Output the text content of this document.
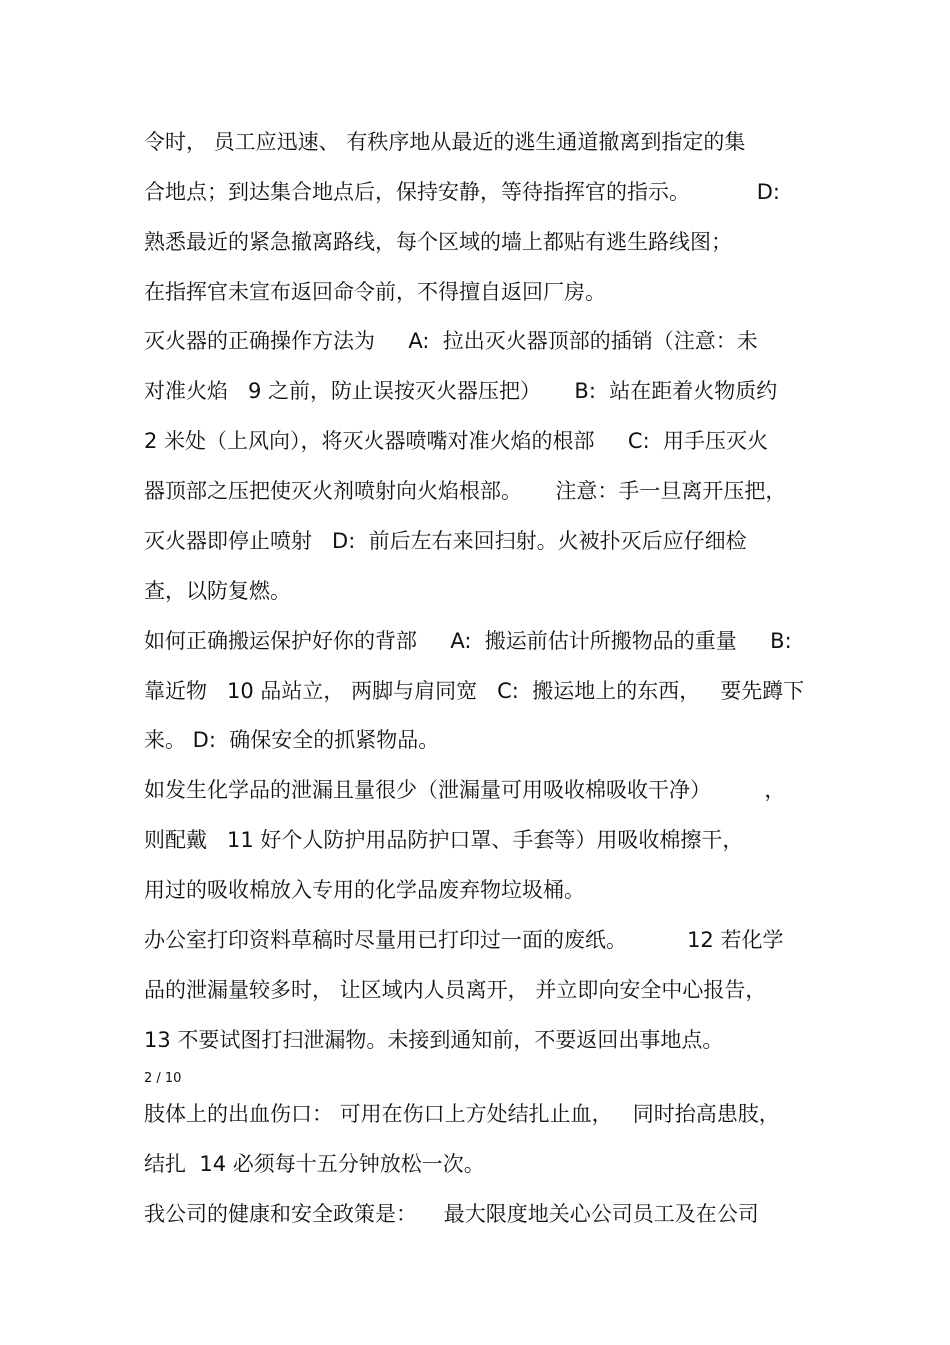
令时， 员工应迅速、 有秩序地从最近的逃生通道撤离到指定的集
合地点；到达集合地点后，保持安静，等待指挥官的指示。          D:
熟悉最近的紧急撤离路线，每个区域的墙上都贴有逃生路线图；
在指挥官未宣布返回命令前，不得擅自返回厂房。
灭火器的正确操作方法为     A:  拉出灭火器顶部的插销（注意：未
对准火焰   9 之前，防止误按灭火器压把）     B:  站在距着火物质约
2 米处（上风向），将灭火器喷嘴对准火焰的根部     C:  用手压灭火
器顶部之压把使灭火剂喷射向火焰根部。     注意：手一旦离开压把，
灭火器即停止喷射   D:  前后左右来回扫射。火被扑灭后应仔细检
查，以防复燃。
如何正确搬运保护好你的背部     A:  搬运前估计所搬物品的重量     B:
靠近物   10 品站立， 两脚与肩同宽   C:  搬运地上的东西，   要先蹲下
来。 D:  确保安全的抓紧物品。
如发生化学品的泄漏且量很少（泄漏量可用吸收棉吸收干净）        ，
则配戴   11 好个人防护用品防护口罩、手套等）用吸收棉擦干，
用过的吸收棉放入专用的化学品废弃物垃圾桶。
办公室打印资料草稿时尽量用已打印过一面的废纸。         12 若化学
品的泄漏量较多时， 让区域内人员离开， 并立即向安全中心报告，
13 不要试图打扫泄漏物。未接到通知前，不要返回出事地点。
2 / 10
肢体上的出血伤口： 可用在伤口上方处结扎止血，   同时抬高患肢，
结扎  14 必须每十五分钟放松一次。
我公司的健康和安全政策是：    最大限度地关心公司员工及在公司
